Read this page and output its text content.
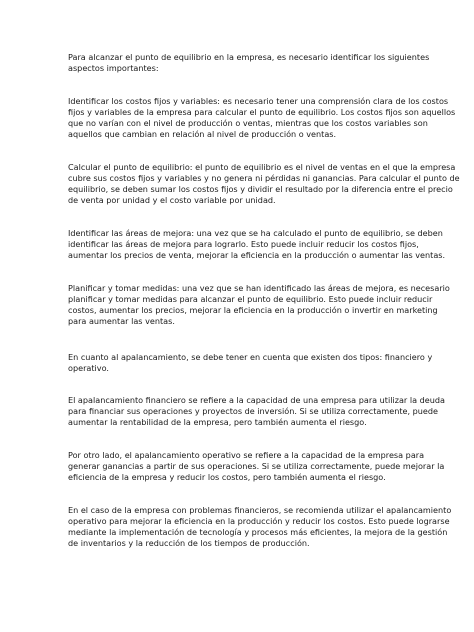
Para alcanzar el punto de equilibrio en la empresa, es necesario identificar los siguientes
aspectos importantes:

Identificar los costos fijos y variables: es necesario tener una comprensión clara de los costos
fijos y variables de la empresa para calcular el punto de equilibrio. Los costos fijos son aquellos
que no varían con el nivel de producción o ventas, mientras que los costos variables son
aquellos que cambian en relación al nivel de producción o ventas.

Calcular el punto de equilibrio: el punto de equilibrio es el nivel de ventas en el que la empresa
cubre sus costos fijos y variables y no genera ni pérdidas ni ganancias. Para calcular el punto de
equilibrio, se deben sumar los costos fijos y dividir el resultado por la diferencia entre el precio
de venta por unidad y el costo variable por unidad.

Identificar las áreas de mejora: una vez que se ha calculado el punto de equilibrio, se deben
identificar las áreas de mejora para lograrlo. Esto puede incluir reducir los costos fijos,
aumentar los precios de venta, mejorar la eficiencia en la producción o aumentar las ventas.

Planificar y tomar medidas: una vez que se han identificado las áreas de mejora, es necesario
planificar y tomar medidas para alcanzar el punto de equilibrio. Esto puede incluir reducir
costos, aumentar los precios, mejorar la eficiencia en la producción o invertir en marketing
para aumentar las ventas.

En cuanto al apalancamiento, se debe tener en cuenta que existen dos tipos: financiero y
operativo.

El apalancamiento financiero se refiere a la capacidad de una empresa para utilizar la deuda
para financiar sus operaciones y proyectos de inversión. Si se utiliza correctamente, puede
aumentar la rentabilidad de la empresa, pero también aumenta el riesgo.

Por otro lado, el apalancamiento operativo se refiere a la capacidad de la empresa para
generar ganancias a partir de sus operaciones. Si se utiliza correctamente, puede mejorar la
eficiencia de la empresa y reducir los costos, pero también aumenta el riesgo.

En el caso de la empresa con problemas financieros, se recomienda utilizar el apalancamiento
operativo para mejorar la eficiencia en la producción y reducir los costos. Esto puede lograrse
mediante la implementación de tecnología y procesos más eficientes, la mejora de la gestión
de inventarios y la reducción de los tiempos de producción.
